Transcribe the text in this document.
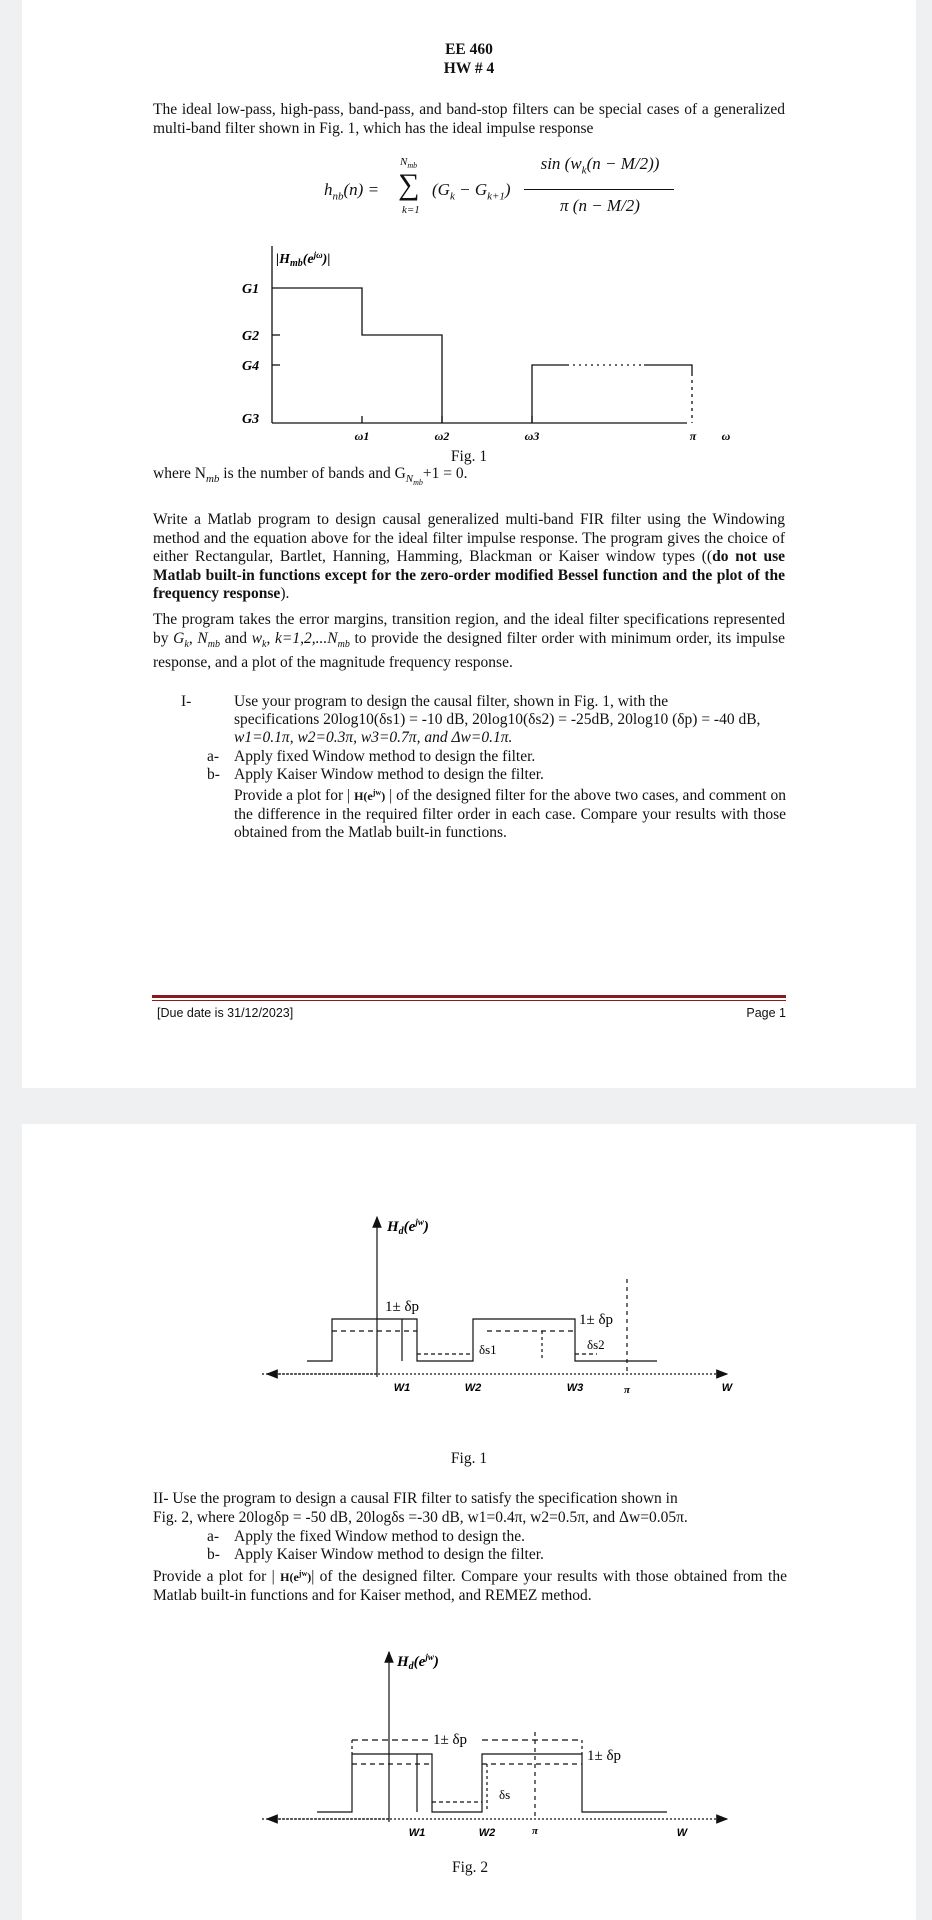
EE 460
HW # 4

The ideal low-pass, high-pass, band-pass, and band-stop filters can be special cases of a generalized multi-band filter shown in Fig. 1, which has the ideal impulse response

$h_{nb}(n)$ =
$N_{mb}$
∑
k=1
$(G_k - G_{k+1})$
$\sin (w_k(n - M/2))$
π (n − M/2)
$|H_{mb}(e^{j\omega})|$
G1
G2
G4
G3
ω1	ω2	ω3	π ω
Fig. 1
where $N_{mb}$ is the number of bands and $G_{N_{mb}}+1 = 0$.

Write a Matlab program to design causal generalized multi-band FIR filter using the Windowing method and the equation above for the ideal filter impulse response. The program gives the choice of either Rectangular, Bartlet, Hanning, Hamming, Blackman or Kaiser window types ((do not use Matlab built-in functions except for the zero-order modified Bessel function and the plot of the frequency response).

The program takes the error margins, transition region, and the ideal filter specifications represented by $G_k$, $N_{mb}$ and $w_k$, $k=1,2,...N_{mb}$ to provide the designed filter order with minimum order, its impulse response, and a plot of the magnitude frequency response.

I-	Use your program to design the causal filter, shown in Fig. 1, with the
specifications 20log10(δs1) = -10 dB, 20log10(δs2) = -25dB, 20log10 (δp) = -40 dB,
w1=0.1π, w2=0.3π, w3=0.7π, and Δw=0.1π.
a- Apply fixed Window method to design the filter.
b- Apply Kaiser Window method to design the filter.

Provide a plot for | $H(e^{jw})$ | of the designed filter for the above two cases, and comment on the difference in the required filter order in each case. Compare your results with those obtained from the Matlab built-in functions.

[Due date is 31/12/2023]	Page 1
$H_d(e^{jw})$
1± δp
1± δp
δs1	δs2
W1	W2	W3	π	W
Fig. 1
II- Use the program to design a causal FIR filter to satisfy the specification shown in
Fig. 2, where 20logδp = -50 dB, 20logδs =-30 dB, w1=0.4π, w2=0.5π, and Δw=0.05π.
a- Apply the fixed Window method to design the.
b- Apply Kaiser Window method to design the filter.

Provide a plot for | $H(e^{jw})|$ of the designed filter. Compare your results with those obtained from the Matlab built-in functions and for Kaiser method, and REMEZ method.

$H_d(e^{jw})$
1± δp
1± δp
δs
W1	W2	π	W
Fig. 2
